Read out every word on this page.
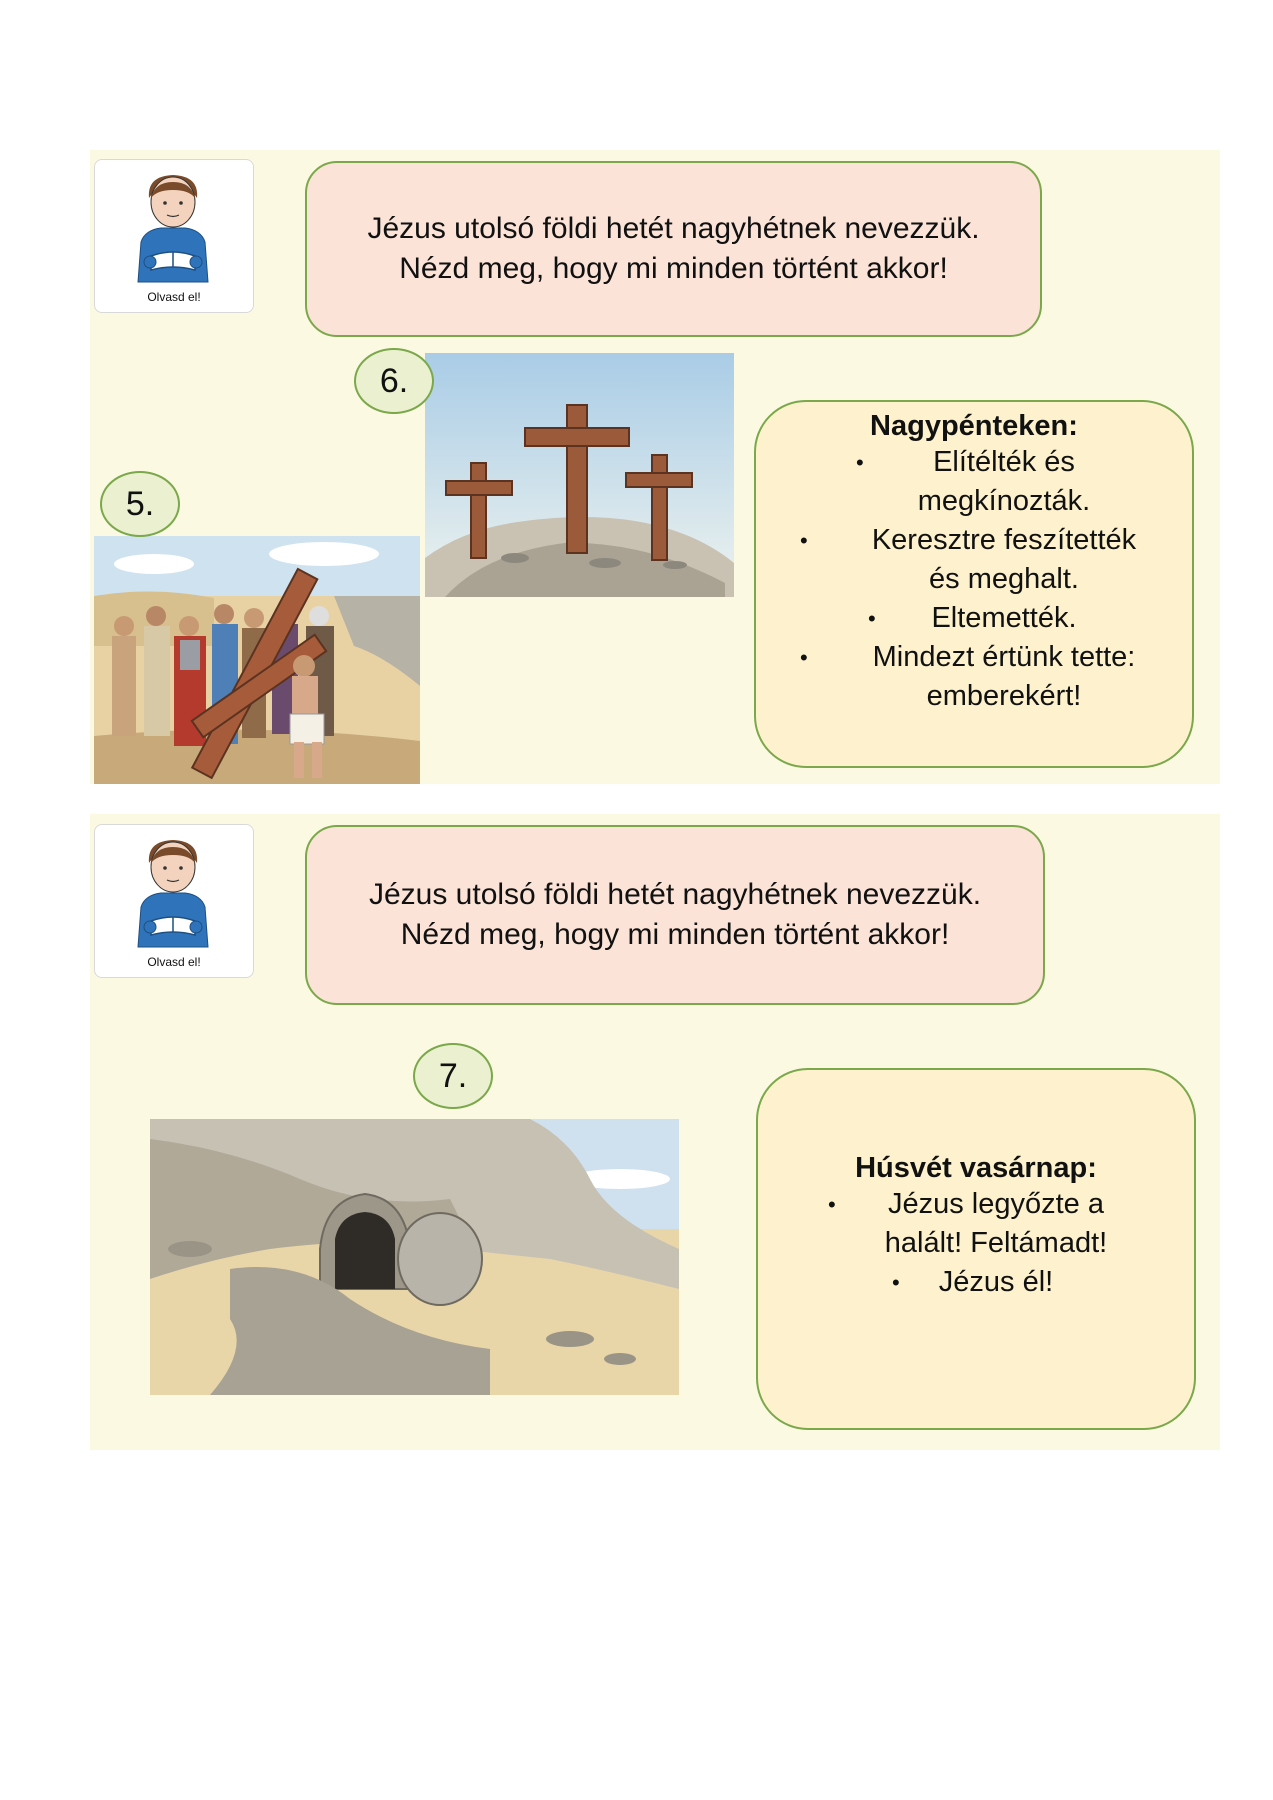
Olvasd el!
Jézus utolsó földi hetét nagyhétnek nevezzük.
Nézd meg, hogy mi minden történt akkor!
6.
5.
Nagypénteken:
•	Elítélték és
megkínozták.
•	Keresztre feszítették
és meghalt.
•	Eltemették.
•	Mindezt értünk tette:
emberekért!
Olvasd el!
Jézus utolsó földi hetét nagyhétnek nevezzük.
Nézd meg, hogy mi minden történt akkor!
7.
Húsvét vasárnap:
•	Jézus legyőzte a
halált! Feltámadt!
•	Jézus él!
